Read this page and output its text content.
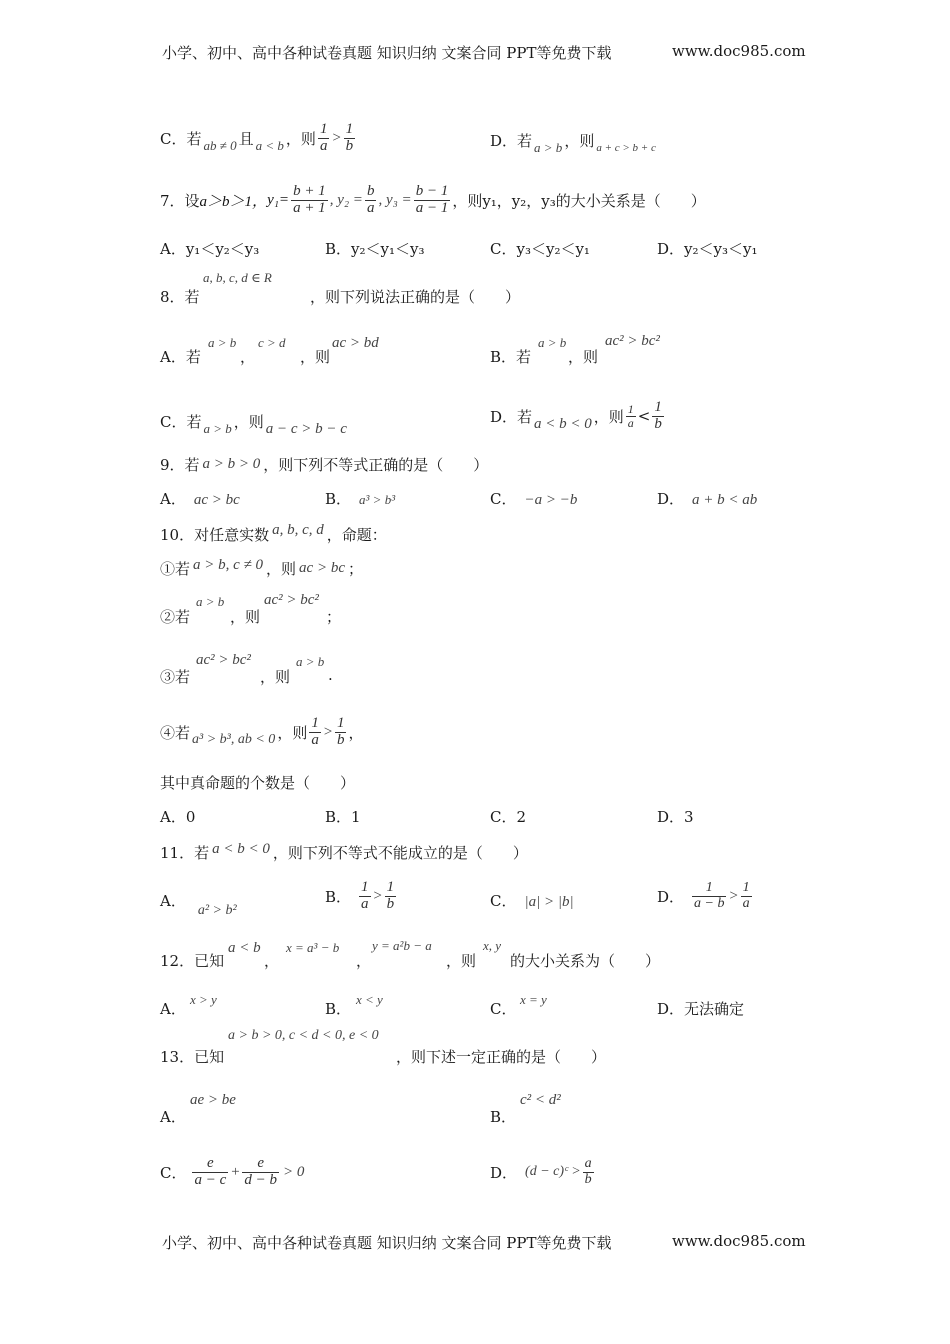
小学、初中、高中各种试卷真题 知识归纳 文案合同 PPT等免费下载	www.doc985.com
C．若 ab ≠ 0 且 a < b ，则 $\frac{1}{a} > \frac{1}{b}$	D．若 a > b ，则 a + c > b + c
7．设 a＞b＞1， $y_1= \frac{b + 1}{a + 1}$ , $y_2 = \frac{b}{a}$ , $y_3 = \frac{b - 1}{a - 1}$ ，则y₁，y₂，y₃的大小关系是（　　）
A．y₁＜y₂＜y₃	B．y₂＜y₁＜y₃	C．y₃＜y₂＜y₁	D．y₂＜y₃＜y₁
8．若
a, b, c, d ∈ R
，则下列说法正确的是（　　）
A．若
a > b
，
c > d
，则
ac > bd
B．若
a > b
，则
ac² > bc²
C．若 a > b ，则 a − c > b − c
D．若 a < b < 0 ，则 $\frac{1}{a} < \frac{1}{b}$
9．若 a > b > 0 ，则下列不等式正确的是（　　）
A． ac > bc	B． a³ > b³	C． −a > −b	D． a + b < ab
10．对任意实数 a, b, c, d ，命题：
①若 a > b, c ≠ 0 ，则 ac > bc ；
②若
a > b
，则
ac² > bc²
；
③若
ac² > bc²
，则
a > b
.
④若 a³ > b³, ab < 0 ，则 $\frac{1}{a} > \frac{1}{b}$ ，
其中真命题的个数是（　　）
A．0	B．1	C．2	D．3
11．若 a < b < 0 ，则下列不等式不能成立的是（　　）
A．a² > b²
B． $\frac{1}{a} > \frac{1}{b}$	C． |a| > |b|	D． $\frac{1}{a - b} > \frac{1}{a}$
12．已知
a < b
，
x = a³ − b
，
y = a²b − a
，则
x, y
的大小关系为（　　）
A．
x > y
B．
x < y
C．
x = y
D．无法确定
13．已知
a > b > 0, c < d < 0, e < 0
，则下述一定正确的是（　　）
A．
ae > be
B．
c² < d²
C． $\frac{e}{a - c} + \frac{e}{d - b} > 0$	D． (d − c)ᶜ > $\frac{a}{b}$
小学、初中、高中各种试卷真题 知识归纳 文案合同 PPT等免费下载	www.doc985.com
